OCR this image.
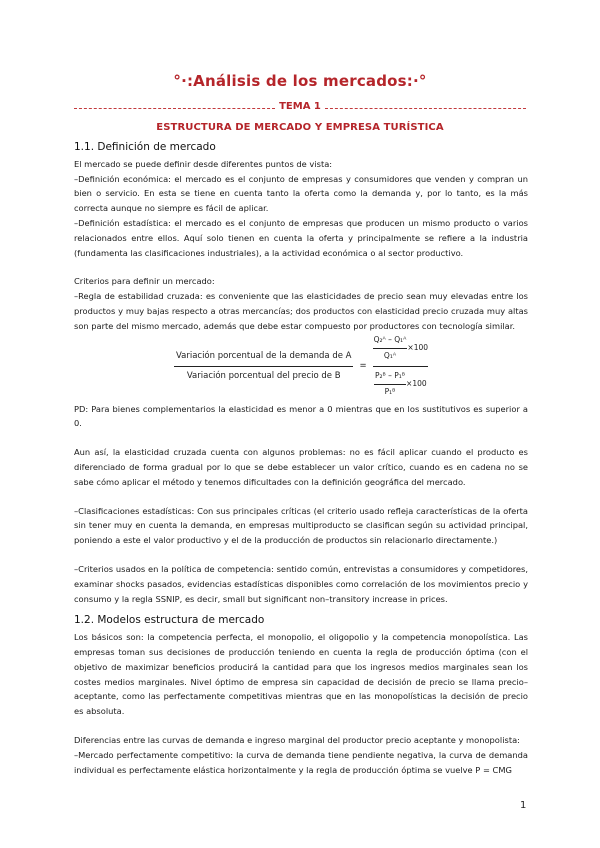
°·:Análisis de los mercados:·°
TEMA 1
ESTRUCTURA DE MERCADO Y EMPRESA TURÍSTICA
1.1. Definición de mercado

El mercado se puede definir desde diferentes puntos de vista:

–Definición económica: el mercado es el conjunto de empresas y consumidores que venden y compran un bien o servicio. En esta se tiene en cuenta tanto la oferta como la demanda y, por lo tanto, es la más correcta aunque no siempre es fácil de aplicar.

–Definición estadística: el mercado es el conjunto de empresas que producen un mismo producto o varios relacionados entre ellos. Aquí solo tienen en cuenta la oferta y principalmente se refiere a la industria (fundamenta las clasificaciones industriales), a la actividad económica o al sector productivo.

Criterios para definir un mercado:

–Regla de estabilidad cruzada: es conveniente que las elasticidades de precio sean muy elevadas entre los productos y muy bajas respecto a otras mercancías; dos productos con elasticidad precio cruzada muy altas son parte del mismo mercado, además que debe estar compuesto por productores con tecnología similar.

$\frac{\text{Variación porcentual de la demanda de A}}{\text{Variación porcentual del precio de B}} = \frac{\frac{\text{Q₂ᴬ – Q₁ᴬ}}{\text{Q₁ᴬ}} \times 100}{\frac{\text{P₂ᴮ – P₁ᴮ}}{\text{P₁ᴮ}} \times 100}$

PD: Para bienes complementarios la elasticidad es menor a 0 mientras que en los sustitutivos es superior a 0.

Aun así, la elasticidad cruzada cuenta con algunos problemas: no es fácil aplicar cuando el producto es diferenciado de forma gradual por lo que se debe establecer un valor crítico, cuando es en cadena no se sabe cómo aplicar el método y tenemos dificultades con la definición geográfica del mercado.

–Clasificaciones estadísticas: Con sus principales críticas (el criterio usado refleja características de la oferta sin tener muy en cuenta la demanda, en empresas multiproducto se clasifican según su actividad principal, poniendo a este el valor productivo y el de la producción de productos sin relacionarlo directamente.)

–Criterios usados en la política de competencia: sentido común, entrevistas a consumidores y competidores, examinar shocks pasados, evidencias estadísticas disponibles como correlación de los movimientos precio y consumo y la regla SSNIP, es decir, small but significant non–transitory increase in prices.

1.2. Modelos estructura de mercado

Los básicos son: la competencia perfecta, el monopolio, el oligopolio y la competencia monopolística. Las empresas toman sus decisiones de producción teniendo en cuenta la regla de producción óptima (con el objetivo de maximizar beneficios producirá la cantidad para que los ingresos medios marginales sean los costes medios marginales. Nivel óptimo de empresa sin capacidad de decisión de precio se llama precio–aceptante, como las perfectamente competitivas mientras que en las monopolísticas la decisión de precio es absoluta.

Diferencias entre las curvas de demanda e ingreso marginal del productor precio aceptante y monopolista:

–Mercado perfectamente competitivo: la curva de demanda tiene pendiente negativa, la curva de demanda individual es perfectamente elástica horizontalmente y la regla de producción óptima se vuelve P = CMG

1
